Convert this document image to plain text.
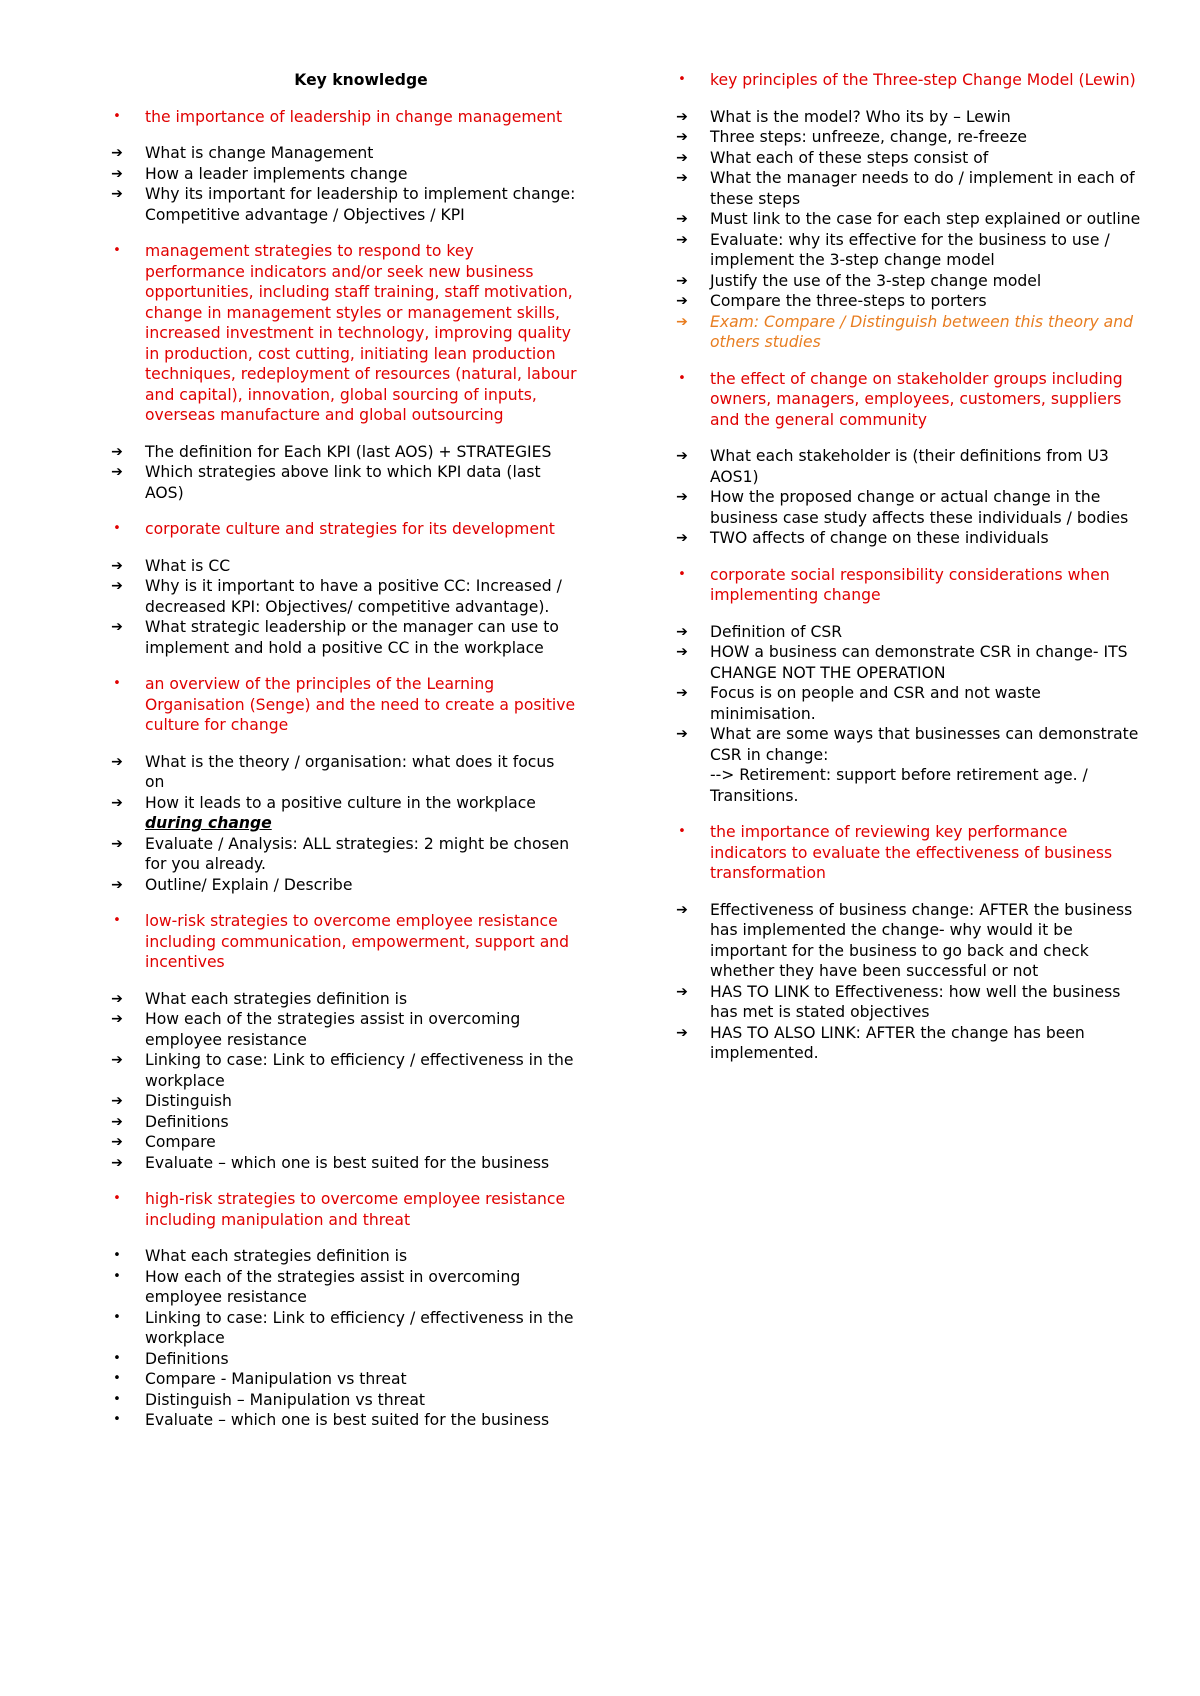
Key knowledge
•	the importance of leadership in change management
➔ What is change Management
➔ How a leader implements change
➔ Why its important for leadership to implement change: Competitive advantage / Objectives / KPI
•	management strategies to respond to key performance indicators and/or seek new business opportunities, including staff training, staff motivation, change in management styles or management skills, increased investment in technology, improving quality in production, cost cutting, initiating lean production techniques, redeployment of resources (natural, labour and capital), innovation, global sourcing of inputs, overseas manufacture and global outsourcing
➔ The definition for Each KPI (last AOS) + STRATEGIES
➔ Which strategies above link to which KPI data (last AOS)
•	corporate culture and strategies for its development
➔ What is CC
➔ Why is it important to have a positive CC: Increased / decreased KPI: Objectives/ competitive advantage).
➔ What strategic leadership or the manager can use to implement and hold a positive CC in the workplace
•	an overview of the principles of the Learning Organisation (Senge) and the need to create a positive culture for change
➔ What is the theory / organisation: what does it focus on
➔ How it leads to a positive culture in the workplace
during change
➔ Evaluate / Analysis: ALL strategies: 2 might be chosen for you already.
➔ Outline/ Explain / Describe
•	low-risk strategies to overcome employee resistance including communication, empowerment, support and incentives
➔ What each strategies definition is
➔ How each of the strategies assist in overcoming employee resistance
➔ Linking to case: Link to efficiency / effectiveness in the workplace
➔ Distinguish
➔ Definitions
➔ Compare
➔ Evaluate – which one is best suited for the business
•	high-risk strategies to overcome employee resistance including manipulation and threat
•	What each strategies definition is
•	How each of the strategies assist in overcoming employee resistance
•	Linking to case: Link to efficiency / effectiveness in the workplace
•	Definitions
•	Compare - Manipulation vs threat
•	Distinguish – Manipulation vs threat
•	Evaluate – which one is best suited for the business
•	key principles of the Three-step Change Model (Lewin)
➔ What is the model? Who its by – Lewin
➔ Three steps: unfreeze, change, re-freeze
➔ What each of these steps consist of
➔ What the manager needs to do / implement in each of these steps
➔ Must link to the case for each step explained or outline
➔ Evaluate: why its effective for the business to use / implement the 3-step change model
➔ Justify the use of the 3-step change model
➔ Compare the three-steps to porters
➔ Exam: Compare / Distinguish between this theory and others studies
•	the effect of change on stakeholder groups including owners, managers, employees, customers, suppliers and the general community
➔ What each stakeholder is (their definitions from U3 AOS1)
➔ How the proposed change or actual change in the business case study affects these individuals / bodies
➔ TWO affects of change on these individuals
•	corporate social responsibility considerations when implementing change
➔ Definition of CSR
➔ HOW a business can demonstrate CSR in change- ITS CHANGE NOT THE OPERATION
➔ Focus is on people and CSR and not waste minimisation.
➔ What are some ways that businesses can demonstrate CSR in change:
--> Retirement: support before retirement age. / Transitions.
•	the importance of reviewing key performance indicators to evaluate the effectiveness of business transformation
➔ Effectiveness of business change: AFTER the business has implemented the change- why would it be important for the business to go back and check whether they have been successful or not
➔ HAS TO LINK to Effectiveness: how well the business has met is stated objectives
➔ HAS TO ALSO LINK: AFTER the change has been implemented.
